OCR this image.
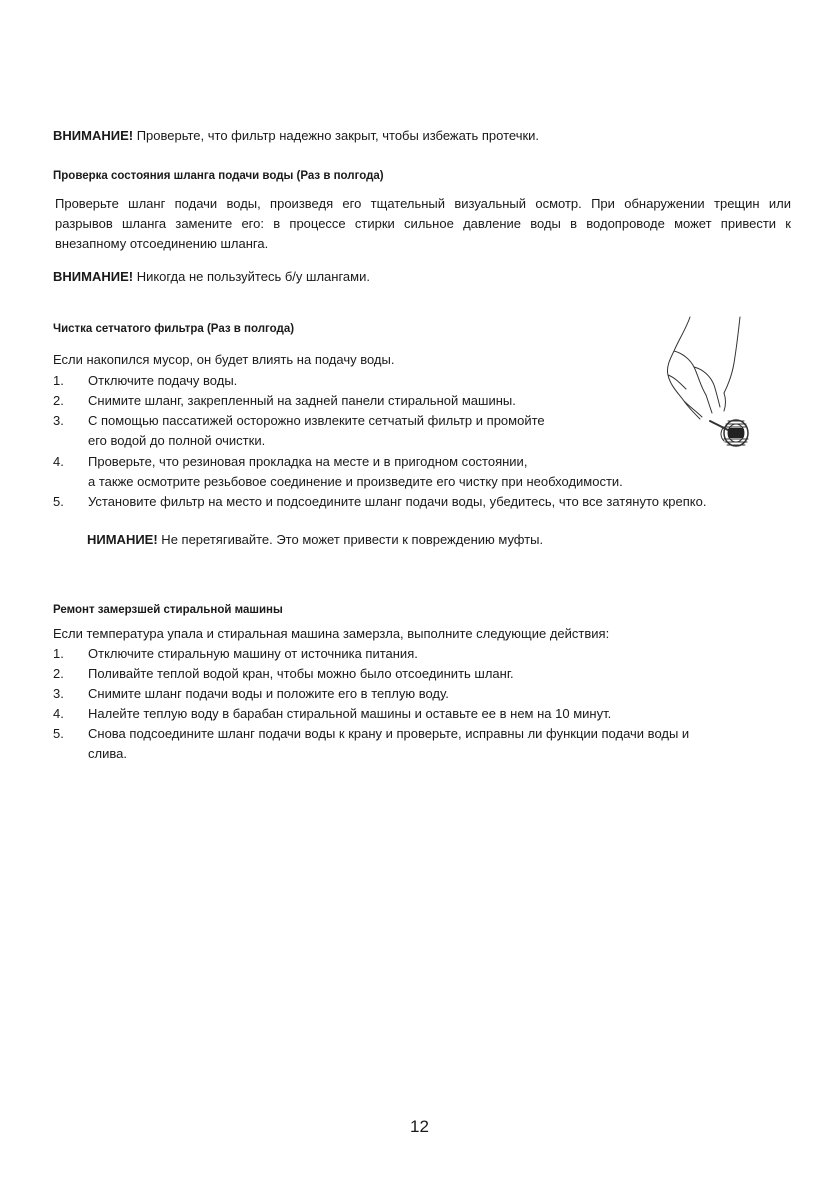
ВНИМАНИЕ! Проверьте, что фильтр надежно закрыт, чтобы избежать протечки.
Проверка состояния шланга подачи воды (Раз в полгода)
Проверьте шланг подачи воды, произведя его тщательный визуальный осмотр. При обнаружении трещин или
разрывов шланга замените его: в процессе стирки сильное давление воды в водопроводе может привести к
внезапному отсоединению шланга.
ВНИМАНИЕ! Никогда не пользуйтесь б/у шлангами.
Чистка сетчатого фильтра (Раз в полгода)
Если накопился мусор, он будет влиять на подачу воды.
1. Отключите подачу воды.
2. Снимите шланг, закрепленный на задней панели стиральной машины.
3. С помощью пассатижей осторожно извлеките сетчатый фильтр и промойте
его водой до полной очистки.
4. Проверьте, что резиновая прокладка на месте и в пригодном состоянии,
а также осмотрите резьбовое соединение и произведите его чистку при необходимости.
5. Установите фильтр на место и подсоедините шланг подачи воды, убедитесь, что все затянуто крепко.
НИМАНИЕ! Не перетягивайте. Это может привести к повреждению муфты.
Ремонт замерзшей стиральной машины
Если температура упала и стиральная машина замерзла, выполните следующие действия:
1. Отключите стиральную машину от источника питания.
2. Поливайте теплой водой кран, чтобы можно было отсоединить шланг.
3. Снимите шланг подачи воды и положите его в теплую воду.
4. Налейте теплую воду в барабан стиральной машины и оставьте ее в нем на 10 минут.
5. Снова подсоедините шланг подачи воды к крану и проверьте, исправны ли функции подачи воды и
слива.
12
